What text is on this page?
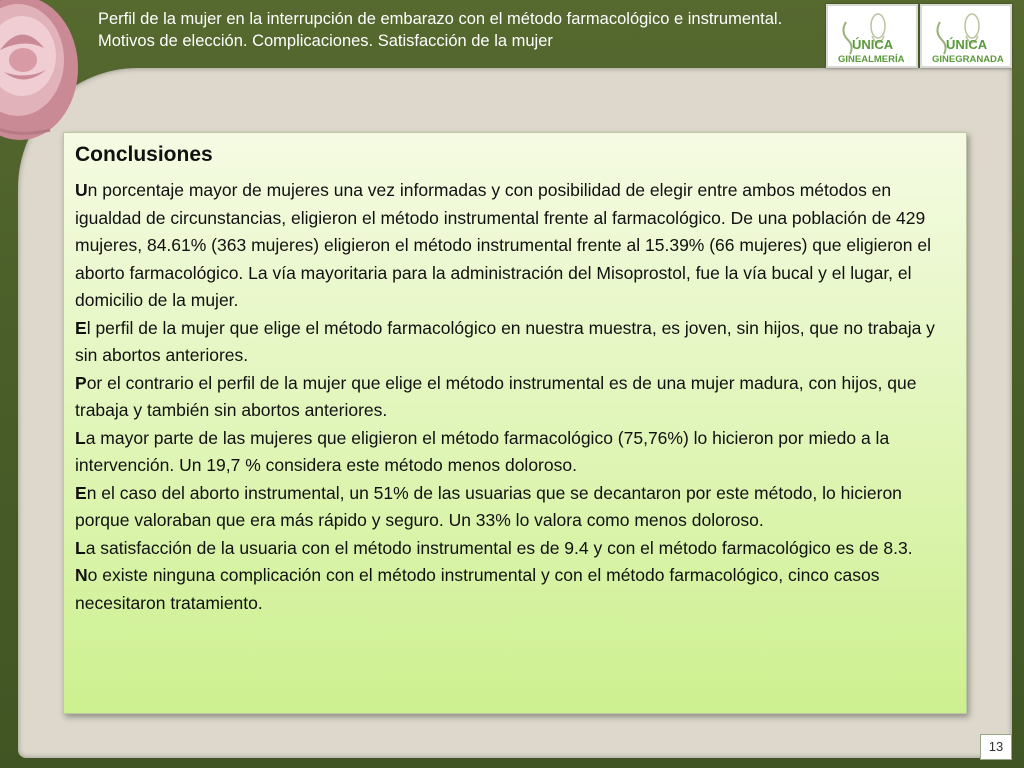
Perfil de la mujer en la interrupción de embarazo con el método farmacológico e instrumental. Motivos de elección. Complicaciones. Satisfacción de la mujer	ÚNICA
GINEALMERÍA
ÚNICA
GINEGRANADA
Conclusiones

Un porcentaje mayor de mujeres una vez informadas y con posibilidad de elegir entre ambos métodos en igualdad de circunstancias, eligieron el método instrumental frente al farmacológico. De una población de 429 mujeres, 84.61% (363 mujeres) eligieron el método instrumental frente al 15.39% (66 mujeres) que eligieron el aborto farmacológico. La vía mayoritaria para la administración del Misoprostol, fue la vía bucal y el lugar, el domicilio de la mujer.

El perfil de la mujer que elige el método farmacológico en nuestra muestra, es joven, sin hijos, que no trabaja y sin abortos anteriores.

Por el contrario el perfil de la mujer que elige el método instrumental es de una mujer madura, con hijos, que trabaja y también sin abortos anteriores.

La mayor parte de las mujeres que eligieron el método farmacológico (75,76%) lo hicieron por miedo a la intervención. Un 19,7 % considera este método menos doloroso.

En el caso del aborto instrumental, un 51% de las usuarias que se decantaron por este método, lo hicieron porque valoraban que era más rápido y seguro. Un 33% lo valora como menos doloroso.

La satisfacción de la usuaria con el método instrumental es de 9.4 y con el método farmacológico es de 8.3.

No existe ninguna complicación con el método instrumental y con el método farmacológico, cinco casos necesitaron tratamiento.

13
